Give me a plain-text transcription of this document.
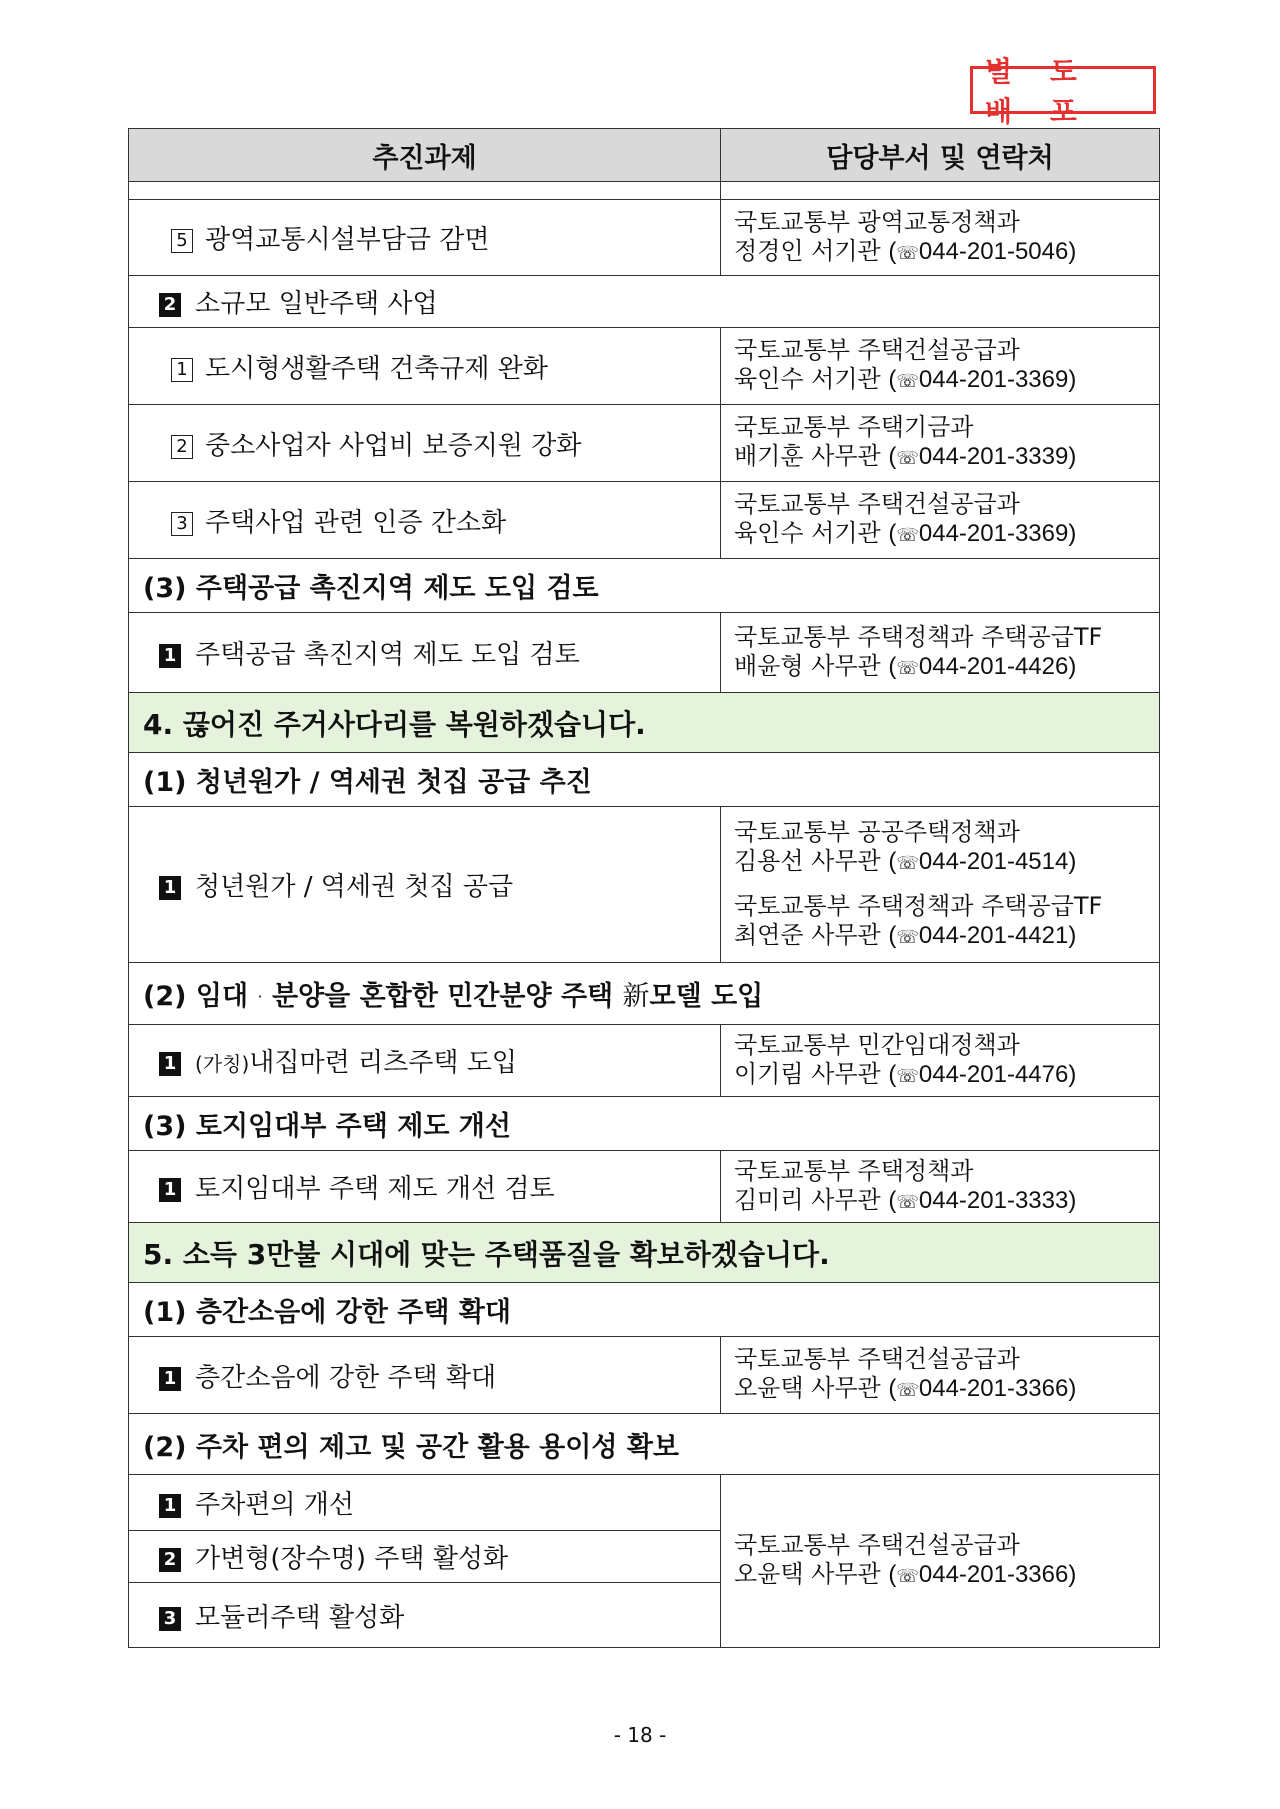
별 도 배 포
추진과제	담당부서 및 연락처

5 광역교통시설부담금 감면	국토교통부 광역교통정책과
정경인 서기관 (☏044-201-5046)

2 소규모 일반주택 사업	
1 도시형생활주택 건축규제 완화	국토교통부 주택건설공급과
육인수 서기관 (☏044-201-3369)

2 중소사업자 사업비 보증지원 강화	국토교통부 주택기금과
배기훈 사무관 (☏044-201-3339)

3 주택사업 관련 인증 간소화	국토교통부 주택건설공급과
육인수 서기관 (☏044-201-3369)

(3) 주택공급 촉진지역 제도 도입 검토	
1 주택공급 촉진지역 제도 도입 검토	국토교통부 주택정책과 주택공급TF
배윤형 사무관 (☏044-201-4426)

4. 끊어진 주거사다리를 복원하겠습니다.	
(1) 청년원가 / 역세권 첫집 공급 추진	
1 청년원가 / 역세권 첫집 공급	국토교통부 공공주택정책과
김용선 사무관 (☏044-201-4514)
국토교통부 주택정책과 주택공급TF
최연준 사무관 (☏044-201-4421)

(2) 임대 · 분양을 혼합한 민간분양 주택 新모델 도입	
1 (가칭)내집마련 리츠주택 도입	국토교통부 민간임대정책과
이기림 사무관 (☏044-201-4476)

(3) 토지임대부 주택 제도 개선	
1 토지임대부 주택 제도 개선 검토	국토교통부 주택정책과
김미리 사무관 (☏044-201-3333)

5. 소득 3만불 시대에 맞는 주택품질을 확보하겠습니다.	
(1) 층간소음에 강한 주택 확대	
1 층간소음에 강한 주택 확대	국토교통부 주택건설공급과
오윤택 사무관 (☏044-201-3366)

(2) 주차 편의 제고 및 공간 활용 용이성 확보	
1 주차편의 개선	국토교통부 주택건설공급과
오윤택 사무관 (☏044-201-3366)

2 가변형(장수명) 주택 활성화	
3 모듈러주택 활성화	
- 18 -
